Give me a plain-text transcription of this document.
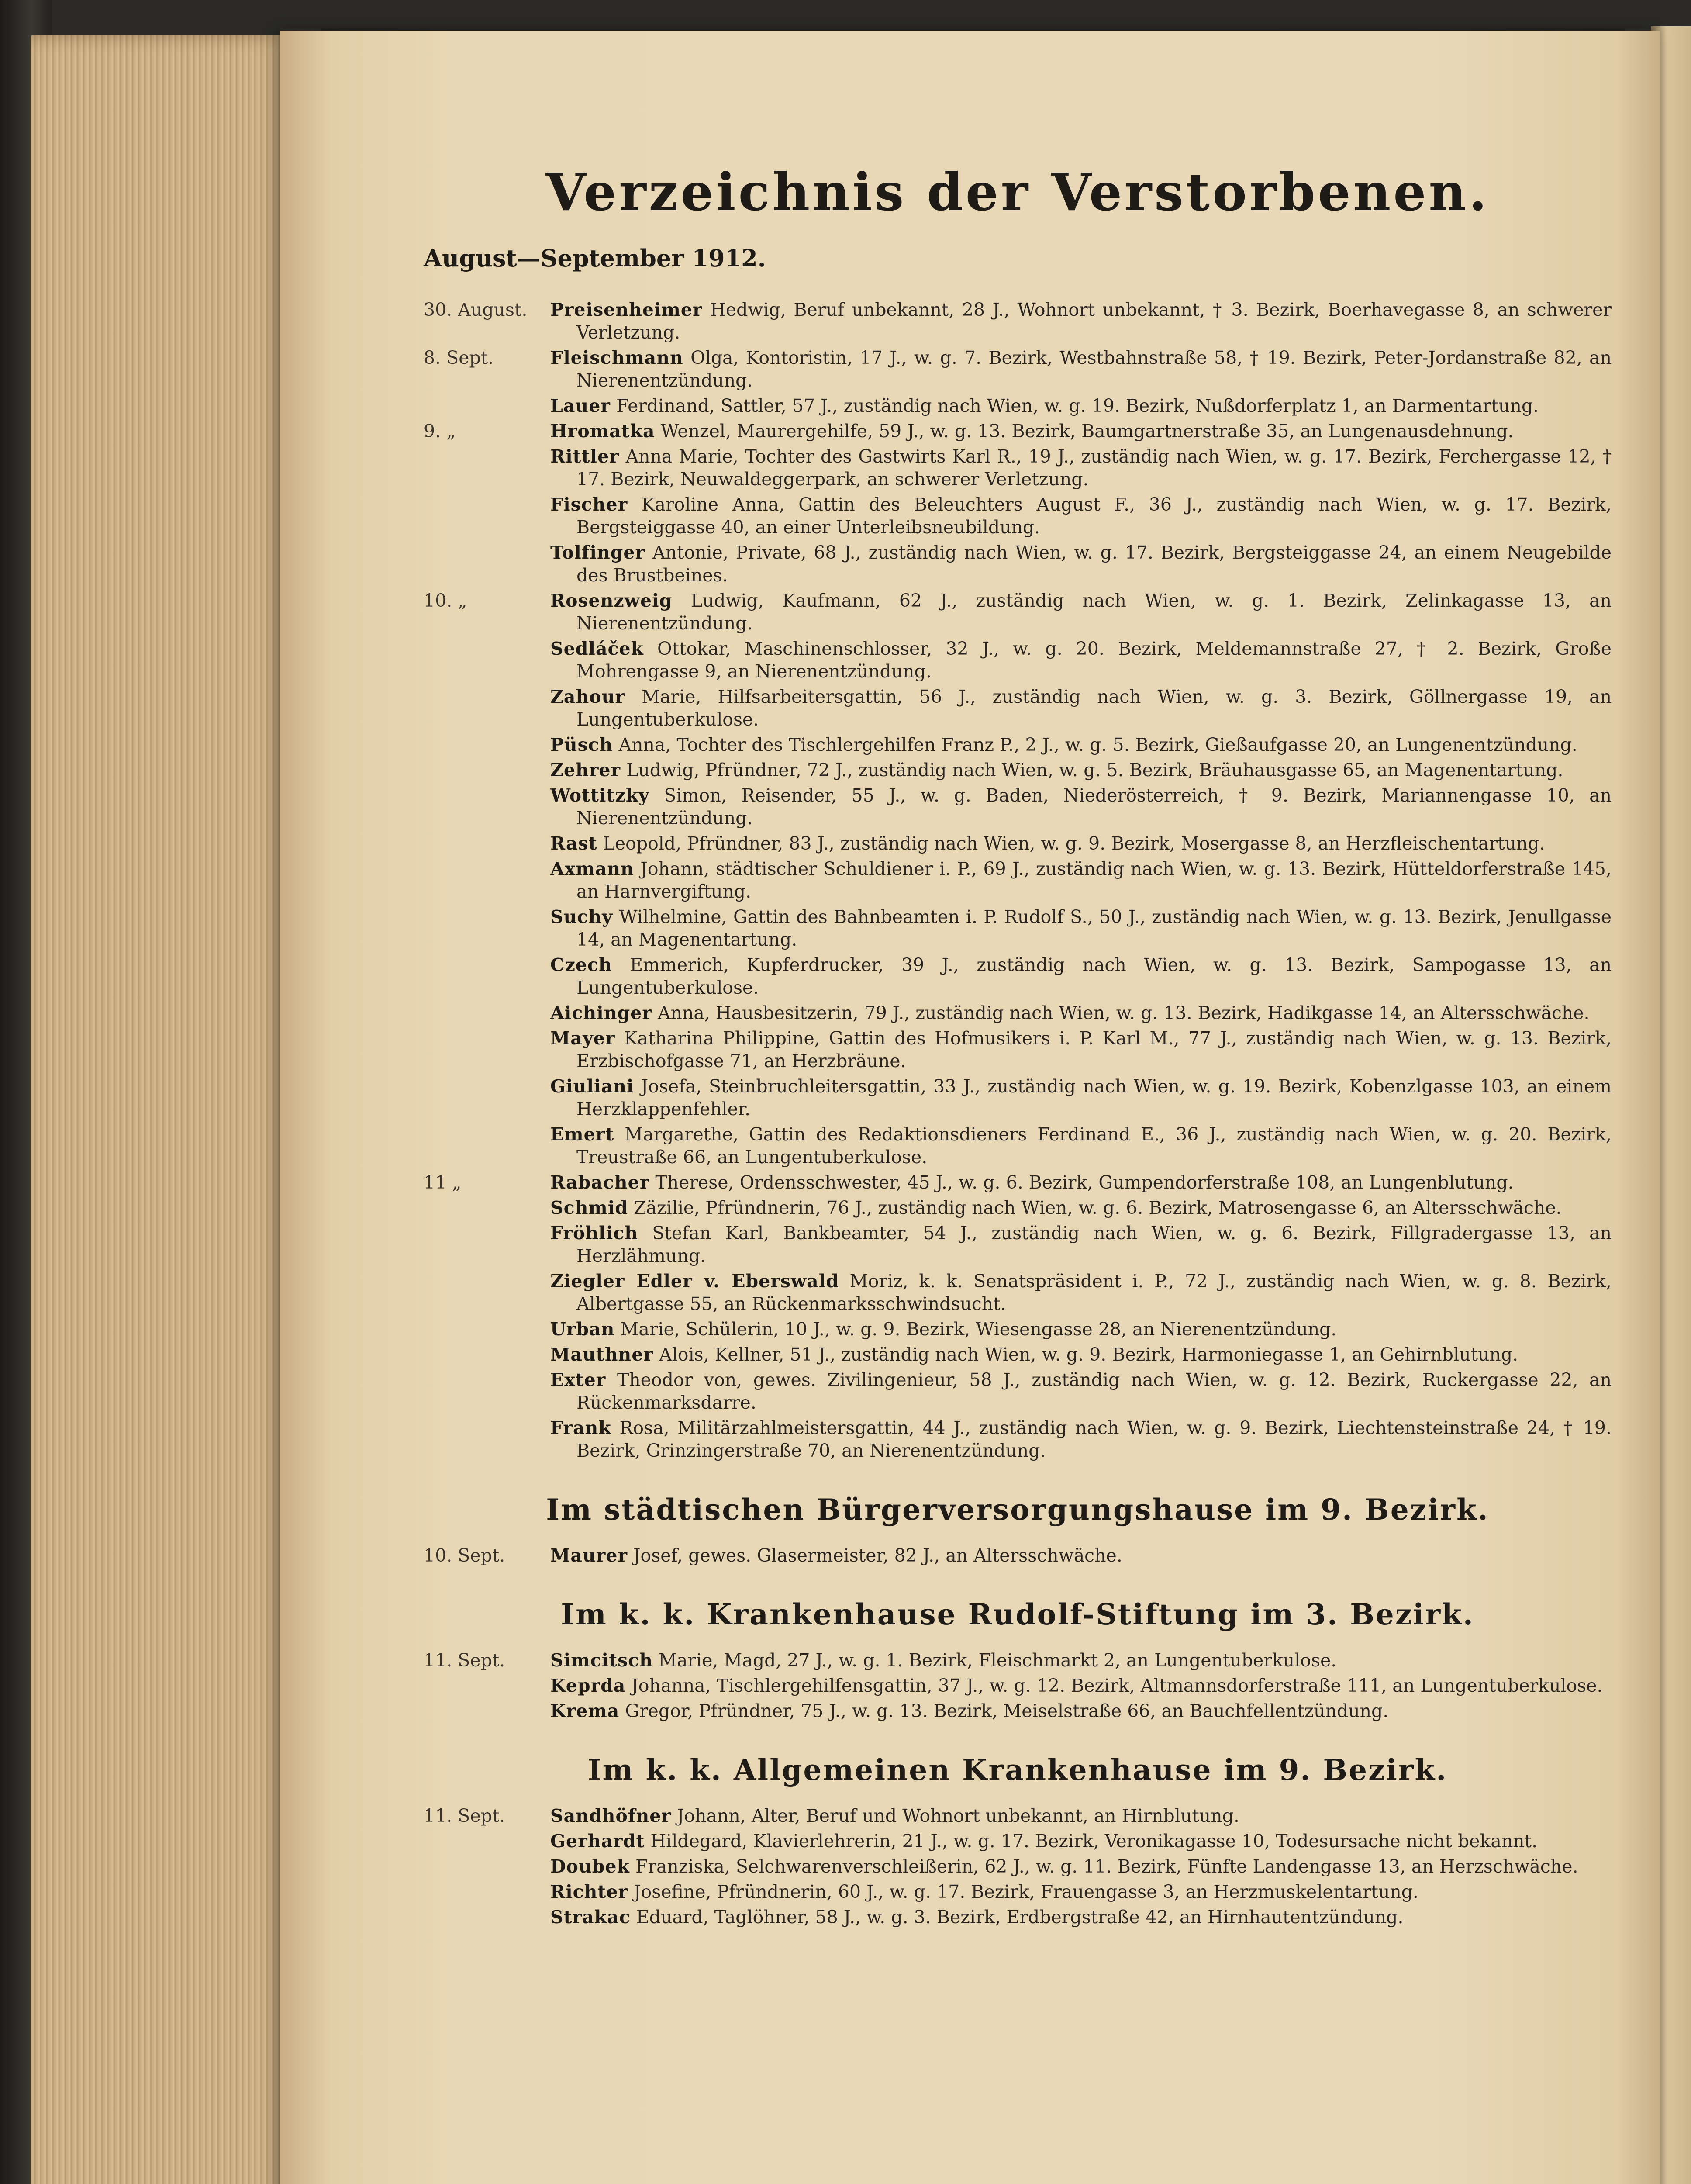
Verzeichnis der Verstorbenen.
August—September 1912.
30. August.	Preisenheimer Hedwig, Beruf unbekannt, 28 J., Wohnort unbekannt, † 3. Bezirk, Boerhavegasse 8, an schwerer Verletzung.
8. Sept.	Fleischmann Olga, Kontoristin, 17 J., w. g. 7. Bezirk, Westbahnstraße 58, † 19. Bezirk, Peter-Jordanstraße 82, an Nierenentzündung.
Lauer Ferdinand, Sattler, 57 J., zuständig nach Wien, w. g. 19. Bezirk, Nußdorferplatz 1, an Darmentartung.
9. „	Hromatka Wenzel, Maurergehilfe, 59 J., w. g. 13. Bezirk, Baumgartnerstraße 35, an Lungenausdehnung.
Rittler Anna Marie, Tochter des Gastwirts Karl R., 19 J., zuständig nach Wien, w. g. 17. Bezirk, Ferchergasse 12, † 17. Bezirk, Neuwaldeggerpark, an schwerer Verletzung.
Fischer Karoline Anna, Gattin des Beleuchters August F., 36 J., zuständig nach Wien, w. g. 17. Bezirk, Bergsteiggasse 40, an einer Unterleibsneubildung.
Tolfinger Antonie, Private, 68 J., zuständig nach Wien, w. g. 17. Bezirk, Bergsteiggasse 24, an einem Neugebilde des Brustbeines.
10. „	Rosenzweig Ludwig, Kaufmann, 62 J., zuständig nach Wien, w. g. 1. Bezirk, Zelinkagasse 13, an Nierenentzündung.
Sedláček Ottokar, Maschinenschlosser, 32 J., w. g. 20. Bezirk, Meldemannstraße 27, † 2. Bezirk, Große Mohrengasse 9, an Nierenentzündung.
Zahour Marie, Hilfsarbeitersgattin, 56 J., zuständig nach Wien, w. g. 3. Bezirk, Göllnergasse 19, an Lungentuberkulose.
Püsch Anna, Tochter des Tischlergehilfen Franz P., 2 J., w. g. 5. Bezirk, Gießaufgasse 20, an Lungenentzündung.
Zehrer Ludwig, Pfründner, 72 J., zuständig nach Wien, w. g. 5. Bezirk, Bräuhausgasse 65, an Magenentartung.
Wottitzky Simon, Reisender, 55 J., w. g. Baden, Niederösterreich, † 9. Bezirk, Mariannengasse 10, an Nierenentzündung.
Rast Leopold, Pfründner, 83 J., zuständig nach Wien, w. g. 9. Bezirk, Mosergasse 8, an Herzfleischentartung.
Axmann Johann, städtischer Schuldiener i. P., 69 J., zuständig nach Wien, w. g. 13. Bezirk, Hütteldorferstraße 145, an Harnvergiftung.
Suchy Wilhelmine, Gattin des Bahnbeamten i. P. Rudolf S., 50 J., zuständig nach Wien, w. g. 13. Bezirk, Jenullgasse 14, an Magenentartung.
Czech Emmerich, Kupferdrucker, 39 J., zuständig nach Wien, w. g. 13. Bezirk, Sampogasse 13, an Lungentuberkulose.
Aichinger Anna, Hausbesitzerin, 79 J., zuständig nach Wien, w. g. 13. Bezirk, Hadikgasse 14, an Altersschwäche.
Mayer Katharina Philippine, Gattin des Hofmusikers i. P. Karl M., 77 J., zuständig nach Wien, w. g. 13. Bezirk, Erzbischofgasse 71, an Herzbräune.
Giuliani Josefa, Steinbruchleitersgattin, 33 J., zuständig nach Wien, w. g. 19. Bezirk, Kobenzlgasse 103, an einem Herzklappenfehler.
Emert Margarethe, Gattin des Redaktionsdieners Ferdinand E., 36 J., zuständig nach Wien, w. g. 20. Bezirk, Treustraße 66, an Lungentuberkulose.
11 „	Rabacher Therese, Ordensschwester, 45 J., w. g. 6. Bezirk, Gumpendorferstraße 108, an Lungenblutung.
Schmid Zäzilie, Pfründnerin, 76 J., zuständig nach Wien, w. g. 6. Bezirk, Matrosengasse 6, an Altersschwäche.
Fröhlich Stefan Karl, Bankbeamter, 54 J., zuständig nach Wien, w. g. 6. Bezirk, Fillgradergasse 13, an Herzlähmung.
Ziegler Edler v. Eberswald Moriz, k. k. Senatspräsident i. P., 72 J., zuständig nach Wien, w. g. 8. Bezirk, Albertgasse 55, an Rückenmarksschwindsucht.
Urban Marie, Schülerin, 10 J., w. g. 9. Bezirk, Wiesengasse 28, an Nierenentzündung.
Mauthner Alois, Kellner, 51 J., zuständig nach Wien, w. g. 9. Bezirk, Harmoniegasse 1, an Gehirnblutung.
Exter Theodor von, gewes. Zivilingenieur, 58 J., zuständig nach Wien, w. g. 12. Bezirk, Ruckergasse 22, an Rückenmarksdarre.
Frank Rosa, Militärzahlmeistersgattin, 44 J., zuständig nach Wien, w. g. 9. Bezirk, Liechtensteinstraße 24, † 19. Bezirk, Grinzingerstraße 70, an Nierenentzündung.
Im städtischen Bürgerversorgungshause im 9. Bezirk.
10. Sept.	Maurer Josef, gewes. Glasermeister, 82 J., an Altersschwäche.
Im k. k. Krankenhause Rudolf-Stiftung im 3. Bezirk.
11. Sept.	Simcitsch Marie, Magd, 27 J., w. g. 1. Bezirk, Fleischmarkt 2, an Lungentuberkulose.
Keprda Johanna, Tischlergehilfensgattin, 37 J., w. g. 12. Bezirk, Altmannsdorferstraße 111, an Lungentuberkulose.
Krema Gregor, Pfründner, 75 J., w. g. 13. Bezirk, Meiselstraße 66, an Bauchfellentzündung.
Im k. k. Allgemeinen Krankenhause im 9. Bezirk.
11. Sept.	Sandhöfner Johann, Alter, Beruf und Wohnort unbekannt, an Hirnblutung.
Gerhardt Hildegard, Klavierlehrerin, 21 J., w. g. 17. Bezirk, Veronikagasse 10, Todesursache nicht bekannt.
Doubek Franziska, Selchwarenverschleißerin, 62 J., w. g. 11. Bezirk, Fünfte Landengasse 13, an Herzschwäche.
Richter Josefine, Pfründnerin, 60 J., w. g. 17. Bezirk, Frauengasse 3, an Herzmuskelentartung.
Strakac Eduard, Taglöhner, 58 J., w. g. 3. Bezirk, Erdbergstraße 42, an Hirnhautentzündung.
